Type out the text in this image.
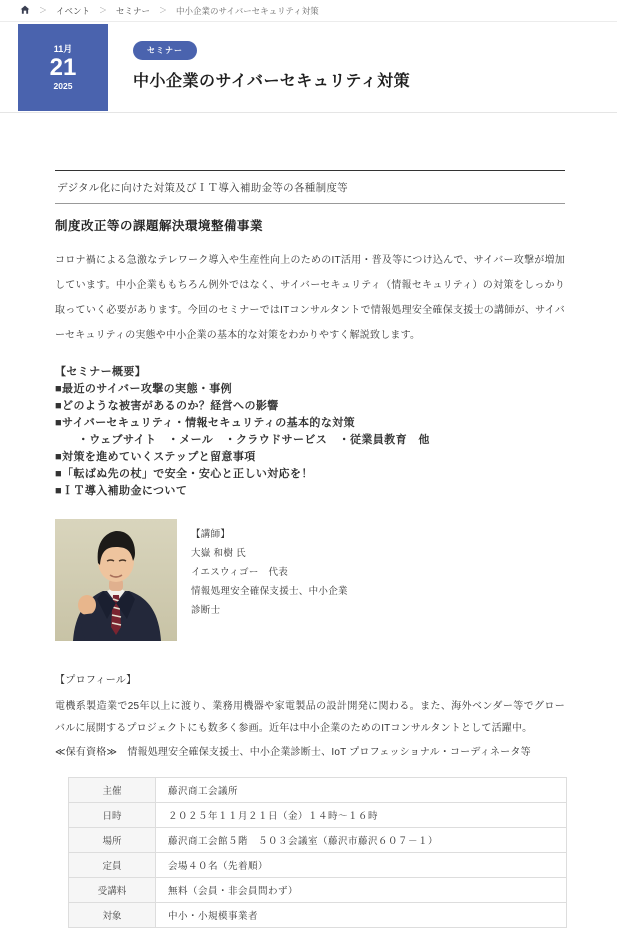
＞ イベント ＞ セミナー ＞ 中小企業のサイバーセキュリティ対策
11月
21
2025
セミナー
中小企業のサイバーセキュリティ対策
デジタル化に向けた対策及びＩＴ導入補助金等の各種制度等
制度改正等の課題解決環境整備事業

コロナ禍による急激なテレワーク導入や生産性向上のためのIT活用・普及等につけ込んで、サイバー攻撃が増加しています。中小企業ももちろん例外ではなく、サイバーセキュリティ（情報セキュリティ）の対策をしっかり取っていく必要があります。今回のセミナーではITコンサルタントで情報処理安全確保支援士の講師が、サイバーセキュリティの実態や中小企業の基本的な対策をわかりやすく解説致します。

【セミナー概要】
■最近のサイバー攻撃の実態・事例
■どのような被害があるのか？経営への影響
■サイバーセキュリティ・情報セキュリティの基本的な対策
　　・ウェブサイト　・メール　・クラウドサービス　・従業員教育　他
■対策を進めていくステップと留意事項
■「転ばぬ先の杖」で安全・安心と正しい対応を！
■ＩＴ導入補助金について
【講師】
大嶽 和樹 氏
イエスウィゴー　代表
情報処理安全確保支援士、中小企業
診断士
【プロフィール】
電機系製造業で25年以上に渡り、業務用機器や家電製品の設計開発に関わる。また、海外ベンダー等でグローバルに展開するプロジェクトにも数多く参画。近年は中小企業のためのITコンサルタントとして活躍中。
≪保有資格≫　情報処理安全確保支援士、中小企業診断士、IoT プロフェッショナル・コーディネータ等
主催	藤沢商工会議所
日時	２０２５年１１月２１日（金）１４時～１６時
場所	藤沢商工会館５階　５０３会議室（藤沢市藤沢６０７－１）
定員	会場４０名（先着順）
受講料	無料（会員・非会員問わず）
対象	中小・小規模事業者
